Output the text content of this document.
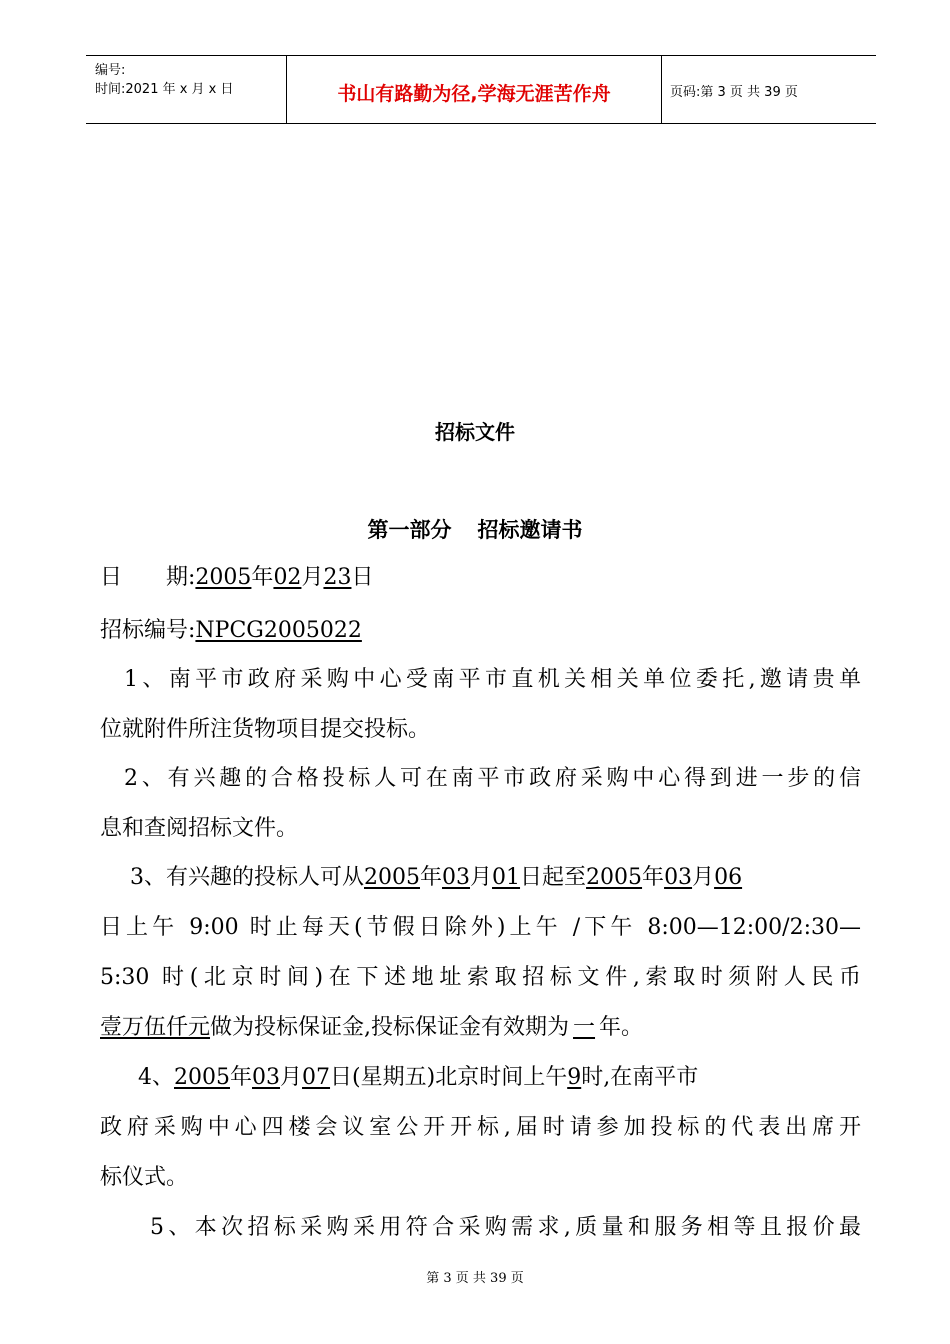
编号:
时间:2021 年 x 月 x 日	书山有路勤为径,学海无涯苦作舟	页码:第 3 页 共 39 页
招标文件
第一部分 招标邀请书
日　　期:2005年02月23日
招标编号:NPCG2005022
1、南平市政府采购中心受南平市直机关相关单位委托,邀请贵单
位就附件所注货物项目提交投标。
2、有兴趣的合格投标人可在南平市政府采购中心得到进一步的信
息和查阅招标文件。
3、有兴趣的投标人可从2005年03月01日起至2005年03月06
日上午 9:00 时止每天(节假日除外)上午 /下午 8:00—12:00/2:30—
5:30 时(北京时间)在下述地址索取招标文件,索取时须附人民币
壹万伍仟元做为投标保证金,投标保证金有效期为 一 年。
4、2005年03月07日(星期五)北京时间上午9时,在南平市
政府采购中心四楼会议室公开开标,届时请参加投标的代表出席开
标仪式。
5、本次招标采购采用符合采购需求,质量和服务相等且报价最
第 3 页 共 39 页
